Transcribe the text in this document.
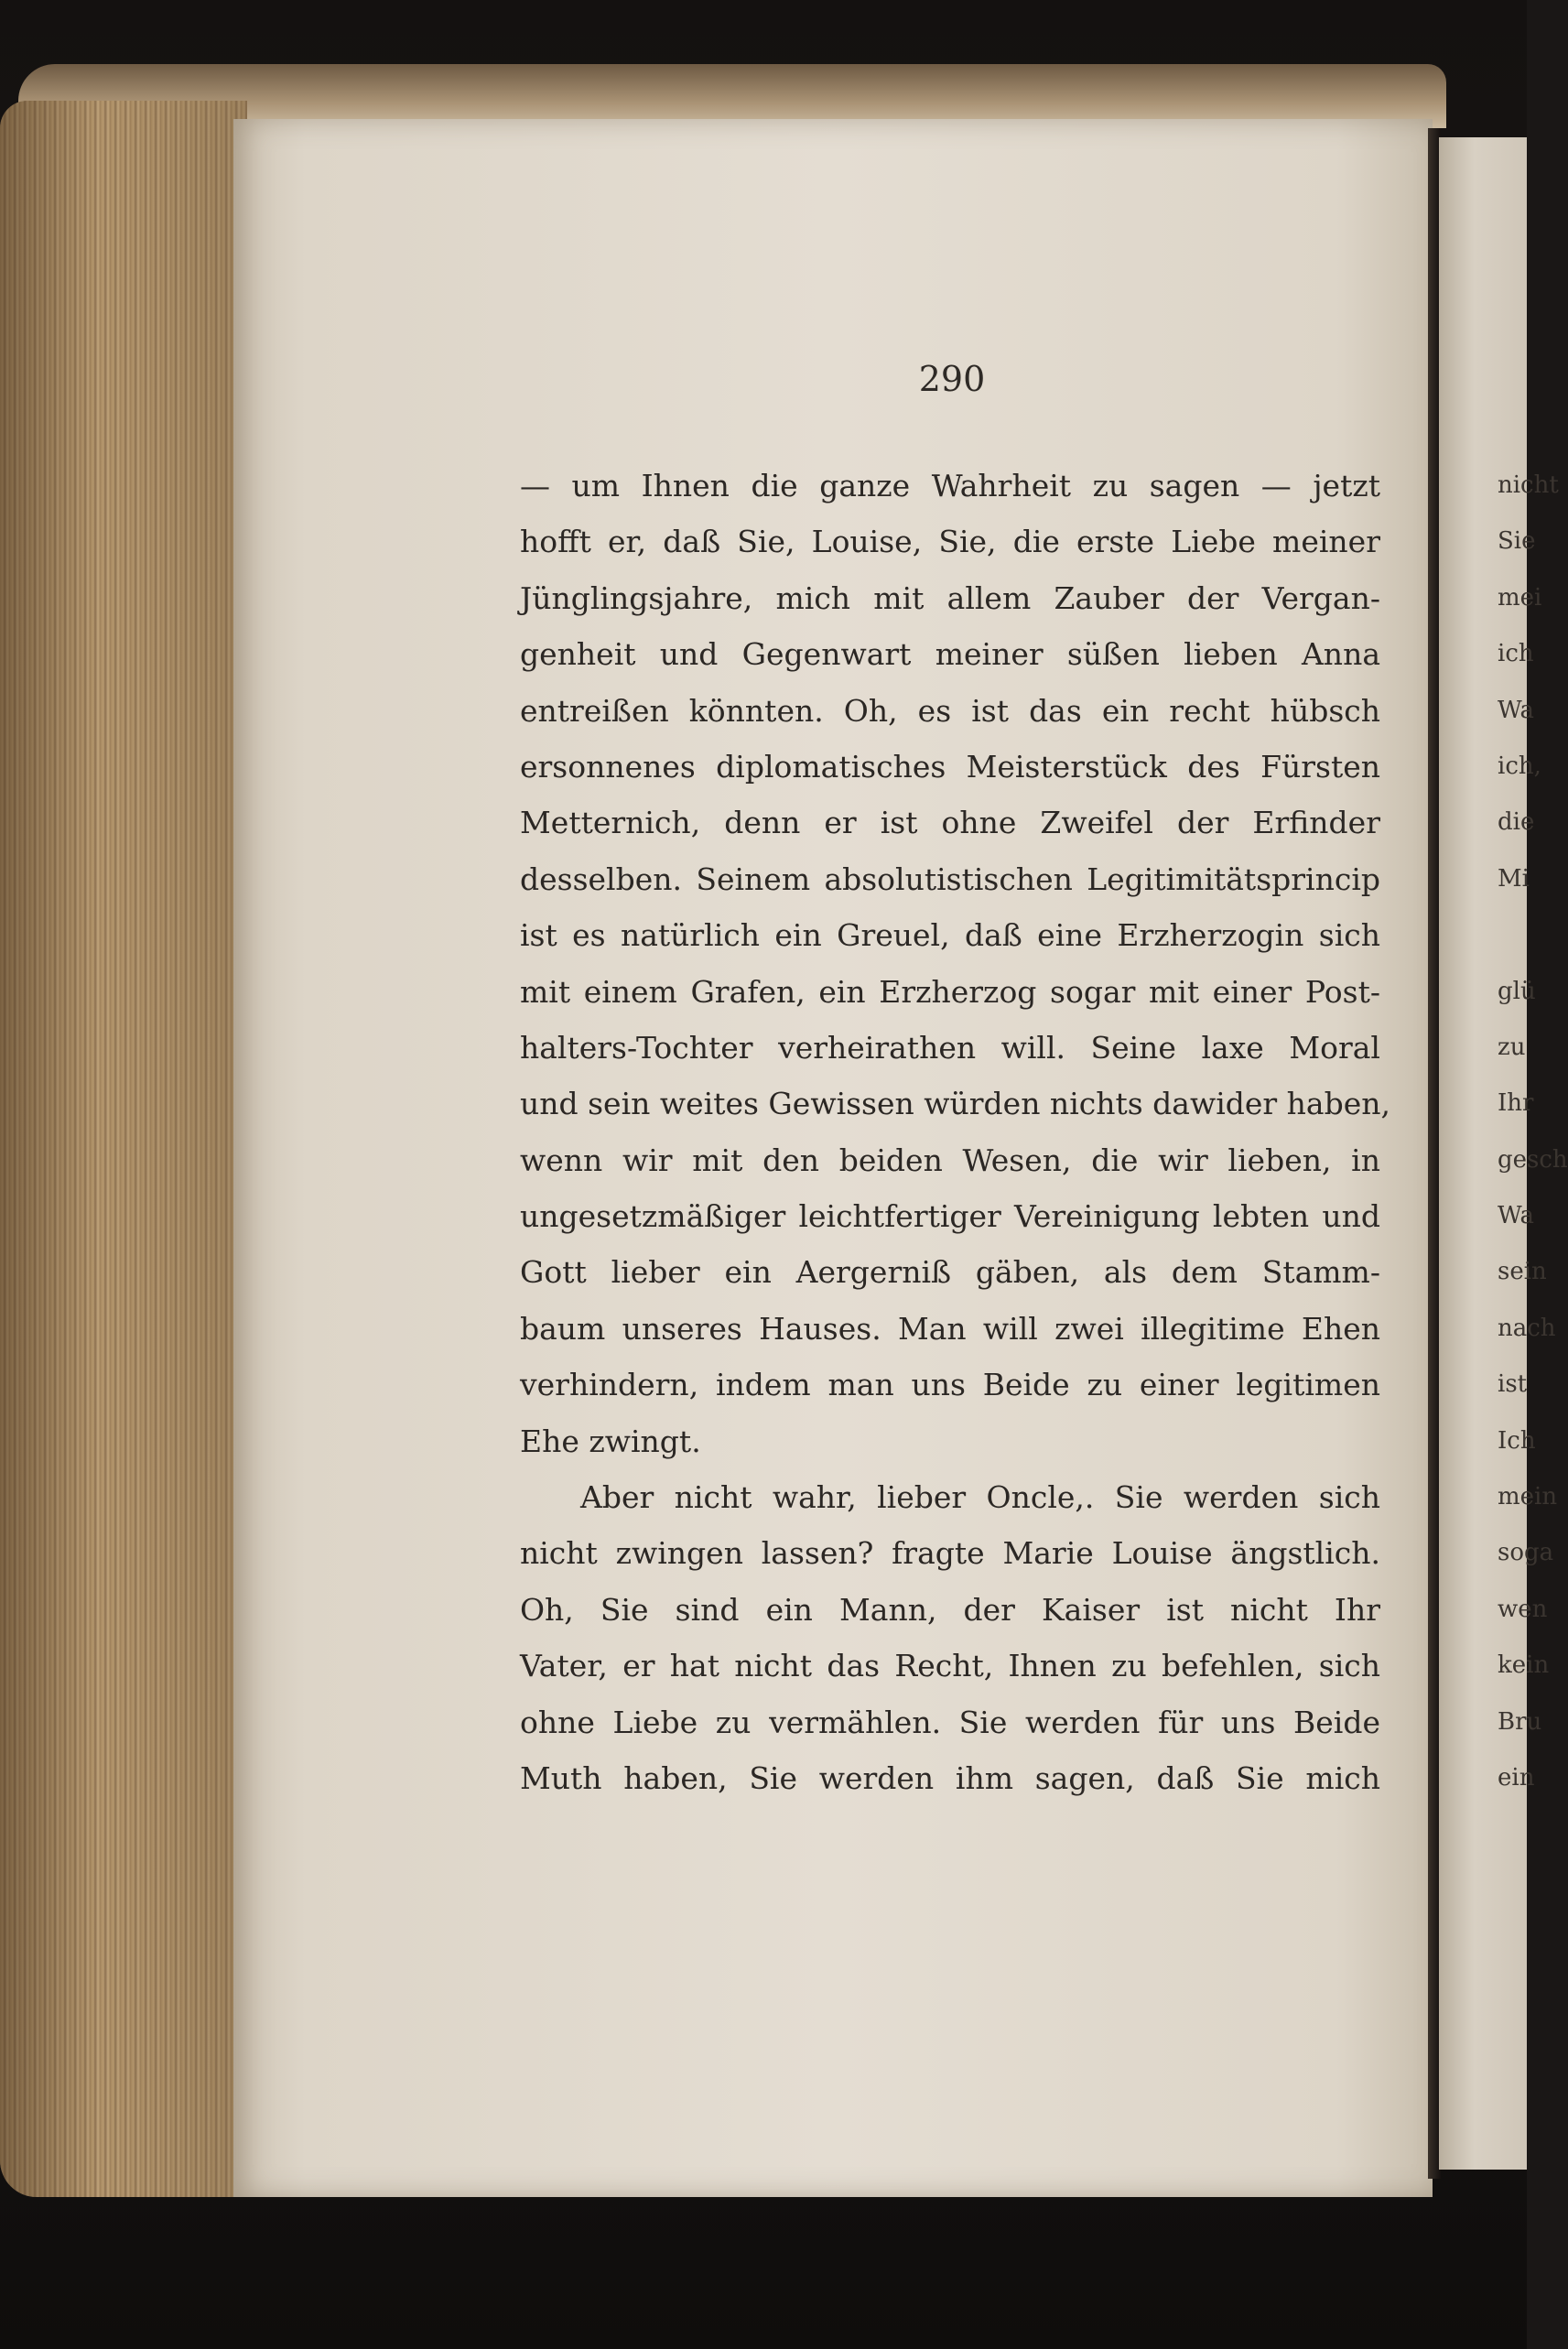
290
— um Ihnen die ganze Wahrheit zu sagen — jetzt
hofft er, daß Sie, Louise, Sie, die erste Liebe meiner
Jünglingsjahre, mich mit allem Zauber der Vergan-
genheit und Gegenwart meiner süßen lieben Anna
entreißen könnten. Oh, es ist das ein recht hübsch
ersonnenes diplomatisches Meisterstück des Fürsten
Metternich, denn er ist ohne Zweifel der Erfinder
desselben. Seinem absolutistischen Legitimitätsprincip
ist es natürlich ein Greuel, daß eine Erzherzogin sich
mit einem Grafen, ein Erzherzog sogar mit einer Post-
halters-Tochter verheirathen will. Seine laxe Moral
und sein weites Gewissen würden nichts dawider haben,
wenn wir mit den beiden Wesen, die wir lieben, in
ungesetzmäßiger leichtfertiger Vereinigung lebten und
Gott lieber ein Aergerniß gäben, als dem Stamm-
baum unseres Hauses. Man will zwei illegitime Ehen
verhindern, indem man uns Beide zu einer legitimen
Ehe zwingt.
Aber nicht wahr, lieber Oncle,. Sie werden sich
nicht zwingen lassen? fragte Marie Louise ängstlich.
Oh, Sie sind ein Mann, der Kaiser ist nicht Ihr
Vater, er hat nicht das Recht, Ihnen zu befehlen, sich
ohne Liebe zu vermählen. Sie werden für uns Beide
Muth haben, Sie werden ihm sagen, daß Sie mich
nicht
Sie
mei
ich
Wa
ich,
die
Mi
glü
zu
Ihr
gesch
Wa
sein
nach
ist
Ich
mein
soga
wen
kein
Bru
ein
